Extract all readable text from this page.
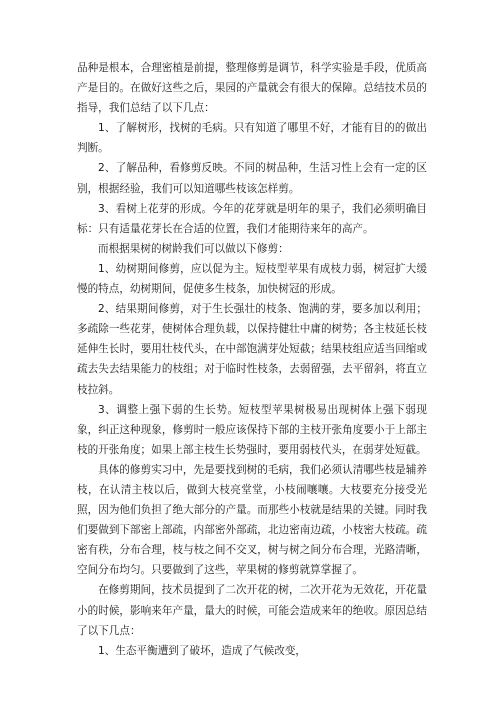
品种是根本，合理密植是前提，整理修剪是调节，科学实验是手段，优质高产是目的。在做好这些之后，果园的产量就会有很大的保障。总结技术员的指导，我们总结了以下几点：

1、了解树形，找树的毛病。只有知道了哪里不好，才能有目的的做出判断。

2、了解品种，看修剪反映。不同的树品种，生活习性上会有一定的区别，根据经验，我们可以知道哪些枝该怎样剪。

3、看树上花芽的形成。今年的花芽就是明年的果子，我们必须明确目标：只有适量花芽长在合适的位置，我们才能期待来年的高产。

而根据果树的树龄我们可以做以下修剪：

1、幼树期间修剪，应以促为主。短枝型苹果有成枝力弱，树冠扩大缓慢的特点，幼树期间，促使多生枝条，加快树冠的形成。

2、结果期间修剪，对于生长强壮的枝条、饱满的芽，要多加以利用；多疏除一些花芽，使树体合理负载，以保持健壮中庸的树势；各主枝延长枝延伸生长时，要用壮枝代头，在中部饱满芽处短截；结果枝组应适当回缩或疏去失去结果能力的枝组；对于临时性枝条，去弱留强，去平留斜，将直立枝拉斜。

3、调整上强下弱的生长势。短枝型苹果树极易出现树体上强下弱现象，纠正这种现象，修剪时一般应该保持下部的主枝开张角度要小于上部主枝的开张角度；如果上部主枝生长势强时，要用弱枝代头，在弱芽处短截。

具体的修剪实习中，先是要找到树的毛病，我们必须认清哪些枝是辅养枝，在认清主枝以后，做到大枝亮堂堂，小枝闹嚷嚷。大枝要充分接受光照，因为他们负担了绝大部分的产量。而那些小枝就是结果的关键。同时我们要做到下部密上部疏，内部密外部疏，北边密南边疏，小枝密大枝疏。疏密有秩，分布合理，枝与枝之间不交叉，树与树之间分布合理，光路清晰，空间分布均匀。只要做到了这些，苹果树的修剪就算掌握了。

在修剪期间，技术员提到了二次开花的树，二次开花为无效花，开花量小的时候，影响来年产量，量大的时候，可能会造成来年的绝收。原因总结了以下几点：

1、生态平衡遭到了破坏，造成了气候改变，
